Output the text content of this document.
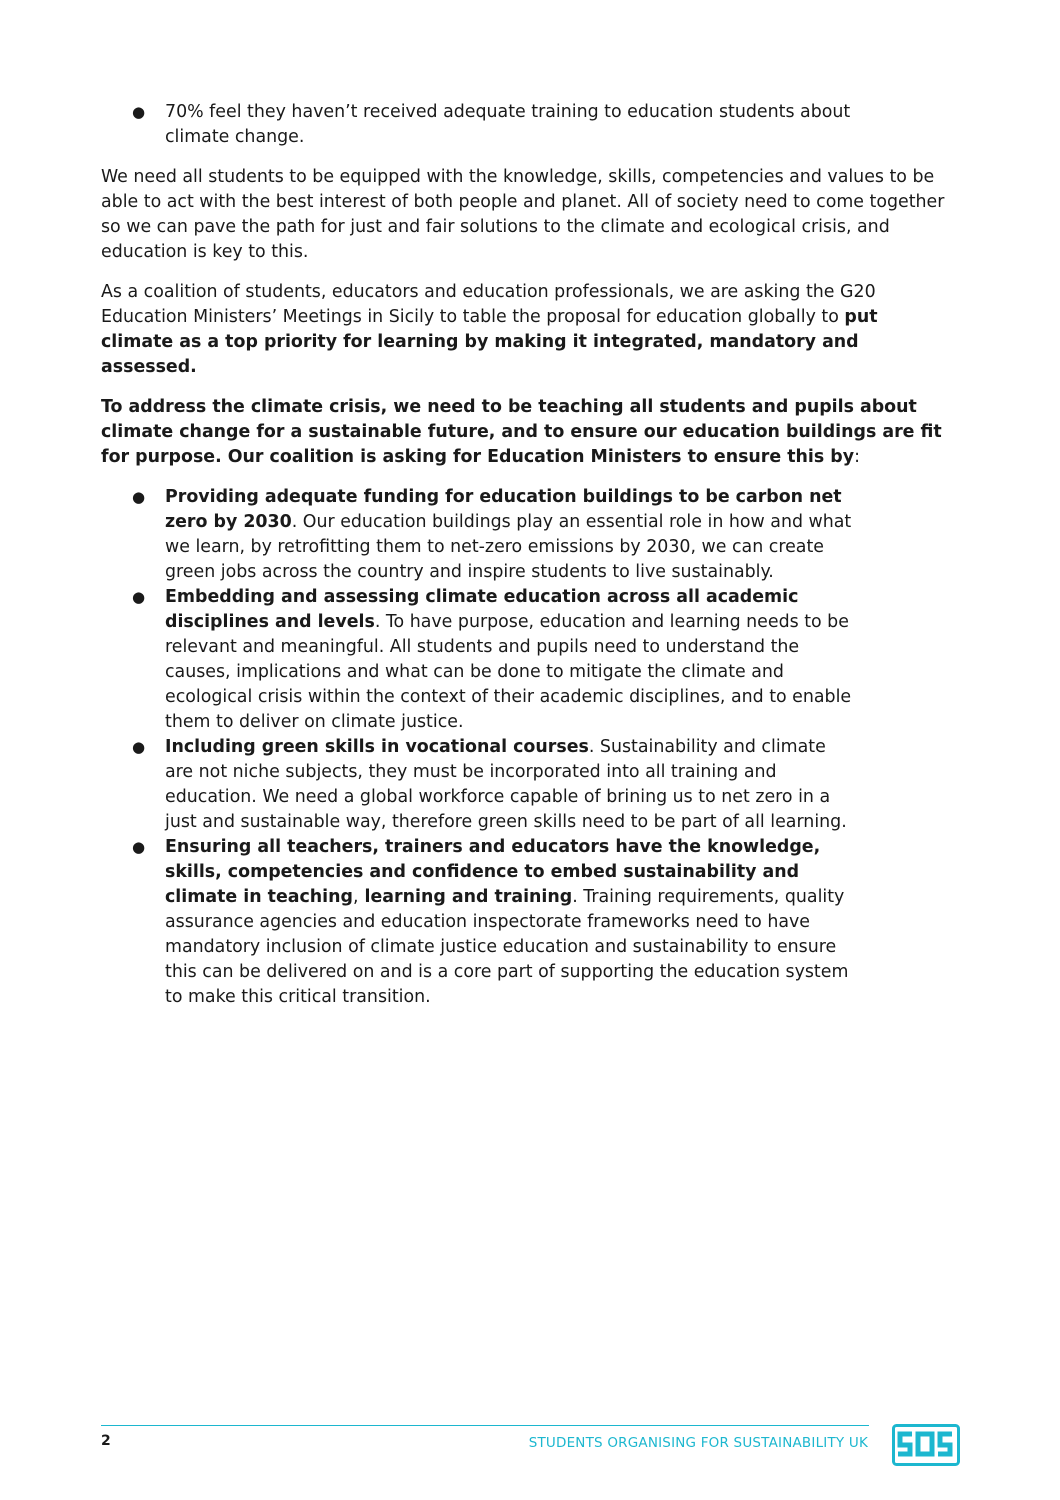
● 70% feel they haven’t received adequate training to education students about climate change.

We need all students to be equipped with the knowledge, skills, competencies and values to be able to act with the best interest of both people and planet. All of society need to come together so we can pave the path for just and fair solutions to the climate and ecological crisis, and education is key to this.

As a coalition of students, educators and education professionals, we are asking the G20 Education Ministers’ Meetings in Sicily to table the proposal for education globally to put climate as a top priority for learning by making it integrated, mandatory and assessed.

To address the climate crisis, we need to be teaching all students and pupils about climate change for a sustainable future, and to ensure our education buildings are fit for purpose. Our coalition is asking for Education Ministers to ensure this by:

● Providing adequate funding for education buildings to be carbon net zero by 2030. Our education buildings play an essential role in how and what we learn, by retrofitting them to net-zero emissions by 2030, we can create green jobs across the country and inspire students to live sustainably.
● Embedding and assessing climate education across all academic disciplines and levels. To have purpose, education and learning needs to be relevant and meaningful. All students and pupils need to understand the causes, implications and what can be done to mitigate the climate and ecological crisis within the context of their academic disciplines, and to enable them to deliver on climate justice.
● Including green skills in vocational courses. Sustainability and climate are not niche subjects, they must be incorporated into all training and education. We need a global workforce capable of brining us to net zero in a just and sustainable way, therefore green skills need to be part of all learning.
● Ensuring all teachers, trainers and educators have the knowledge, skills, competencies and confidence to embed sustainability and climate in teaching, learning and training. Training requirements, quality assurance agencies and education inspectorate frameworks need to have mandatory inclusion of climate justice education and sustainability to ensure this can be delivered on and is a core part of supporting the education system to make this critical transition.
2	STUDENTS ORGANISING FOR SUSTAINABILITY UK
